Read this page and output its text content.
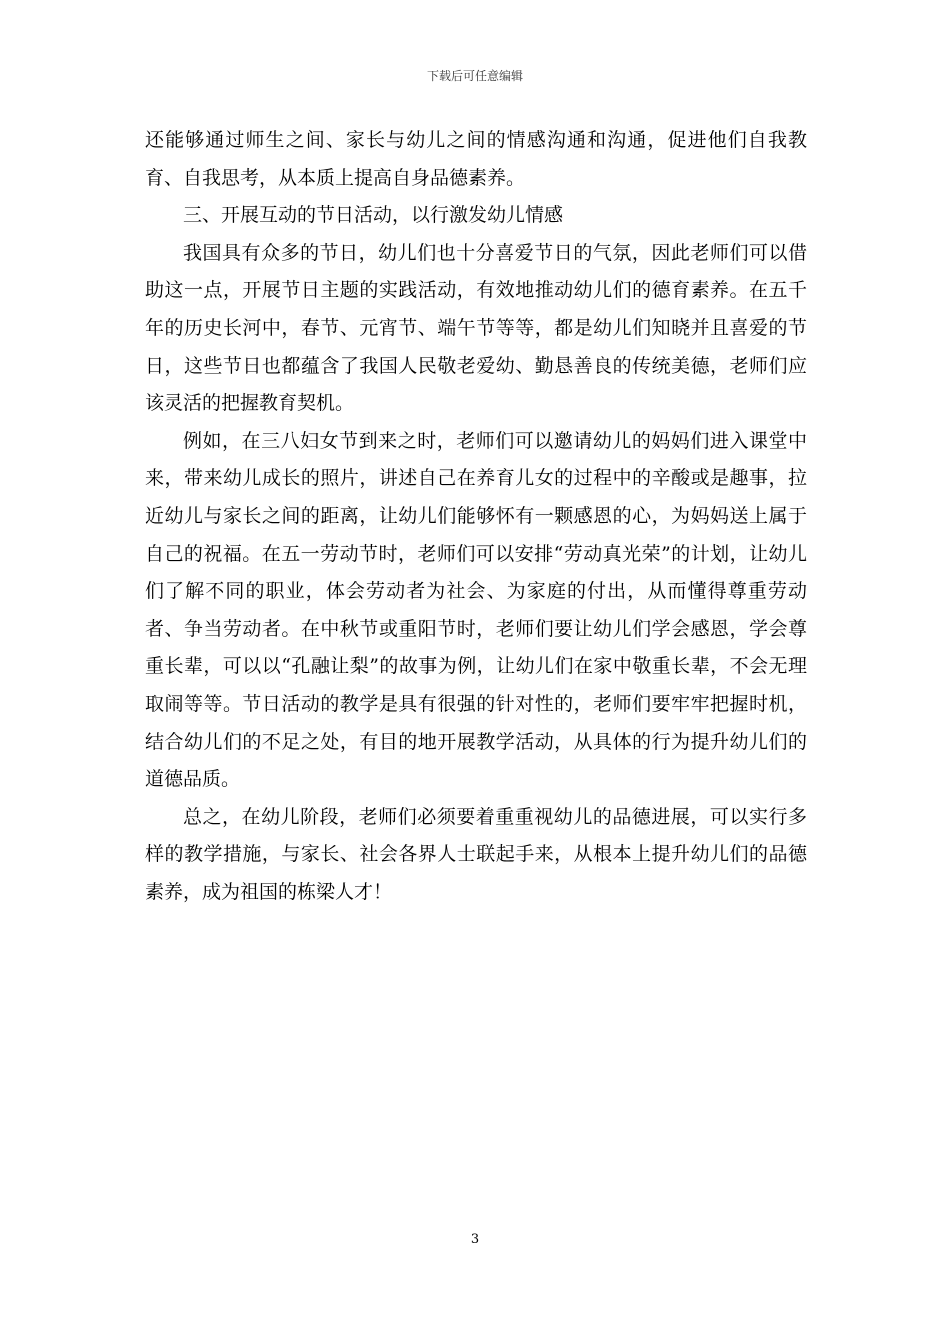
下载后可任意编辑

还能够通过师生之间、家长与幼儿之间的情感沟通和沟通，促进他们自我教育、自我思考，从本质上提高自身品德素养。

三、开展互动的节日活动，以行激发幼儿情感

我国具有众多的节日，幼儿们也十分喜爱节日的气氛，因此老师们可以借助这一点，开展节日主题的实践活动，有效地推动幼儿们的德育素养。在五千年的历史长河中，春节、元宵节、端午节等等，都是幼儿们知晓并且喜爱的节日，这些节日也都蕴含了我国人民敬老爱幼、勤恳善良的传统美德，老师们应该灵活的把握教育契机。

例如，在三八妇女节到来之时，老师们可以邀请幼儿的妈妈们进入课堂中来，带来幼儿成长的照片，讲述自己在养育儿女的过程中的辛酸或是趣事，拉近幼儿与家长之间的距离，让幼儿们能够怀有一颗感恩的心，为妈妈送上属于自己的祝福。在五一劳动节时，老师们可以安排“劳动真光荣”的计划，让幼儿们了解不同的职业，体会劳动者为社会、为家庭的付出，从而懂得尊重劳动者、争当劳动者。在中秋节或重阳节时，老师们要让幼儿们学会感恩，学会尊重长辈，可以以“孔融让梨”的故事为例，让幼儿们在家中敬重长辈，不会无理取闹等等。节日活动的教学是具有很强的针对性的，老师们要牢牢把握时机，结合幼儿们的不足之处，有目的地开展教学活动，从具体的行为提升幼儿们的道德品质。

总之，在幼儿阶段，老师们必须要着重重视幼儿的品德进展，可以实行多样的教学措施，与家长、社会各界人士联起手来，从根本上提升幼儿们的品德素养，成为祖国的栋梁人才！

3
